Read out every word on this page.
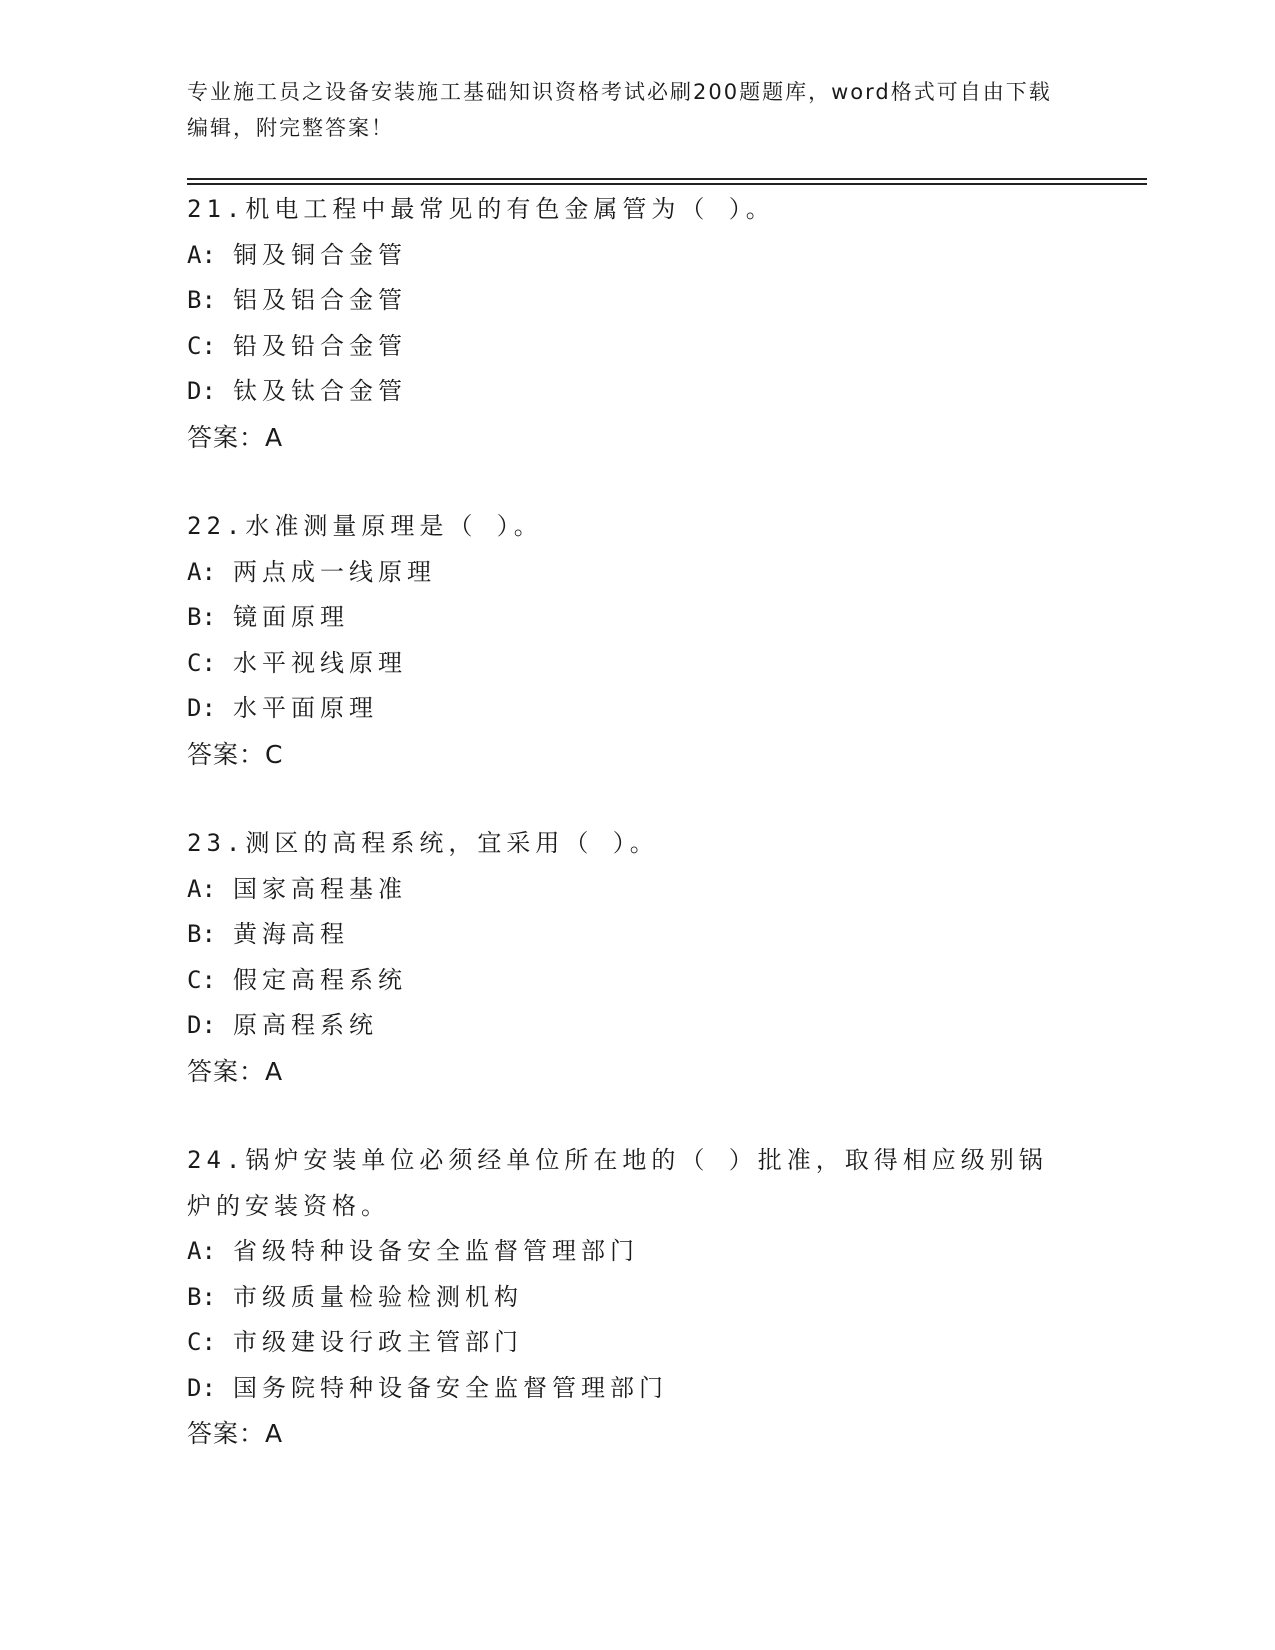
专业施工员之设备安装施工基础知识资格考试必刷200题题库，word格式可自由下载编辑，附完整答案！
21.机电工程中最常见的有色金属管为（ ）。
A: 铜及铜合金管
B: 铝及铝合金管
C: 铅及铅合金管
D: 钛及钛合金管
答案：A
22.水准测量原理是（ ）。
A: 两点成一线原理
B: 镜面原理
C: 水平视线原理
D: 水平面原理
答案：C
23.测区的高程系统，宜采用（ ）。
A: 国家高程基准
B: 黄海高程
C: 假定高程系统
D: 原高程系统
答案：A
24.锅炉安装单位必须经单位所在地的（ ）批准，取得相应级别锅炉的安装资格。
A: 省级特种设备安全监督管理部门
B: 市级质量检验检测机构
C: 市级建设行政主管部门
D: 国务院特种设备安全监督管理部门
答案：A
